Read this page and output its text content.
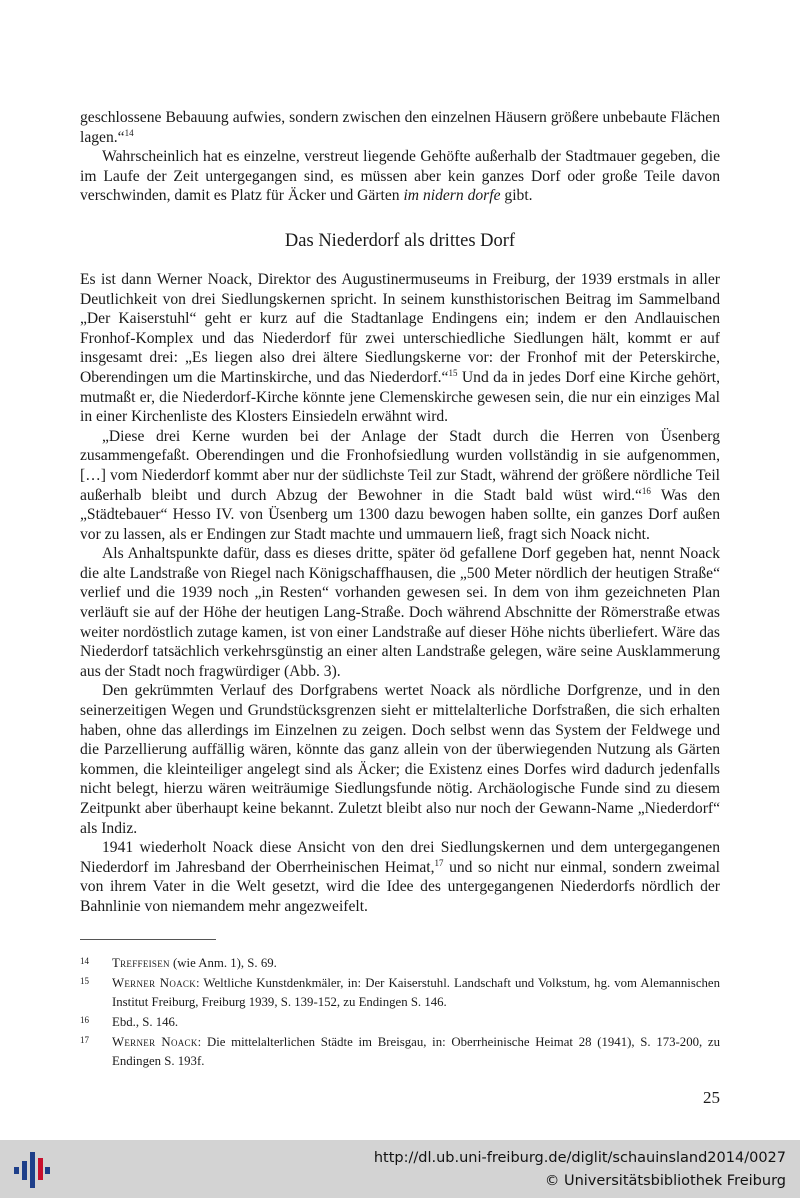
geschlossene Bebauung aufwies, sondern zwischen den einzelnen Häusern größere unbebaute Flächen lagen.“$^{14}$

Wahrscheinlich hat es einzelne, verstreut liegende Gehöfte außerhalb der Stadtmauer gegeben, die im Laufe der Zeit untergegangen sind, es müssen aber kein ganzes Dorf oder große Teile davon verschwinden, damit es Platz für Äcker und Gärten im nidern dorfe gibt.

Das Niederdorf als drittes Dorf

Es ist dann Werner Noack, Direktor des Augustinermuseums in Freiburg, der 1939 erstmals in aller Deutlichkeit von drei Siedlungskernen spricht. In seinem kunsthistorischen Beitrag im Sammelband „Der Kaiserstuhl“ geht er kurz auf die Stadtanlage Endingens ein; indem er den Andlauischen Fronhof-Komplex und das Niederdorf für zwei unterschiedliche Siedlungen hält, kommt er auf insgesamt drei: „Es liegen also drei ältere Siedlungskerne vor: der Fronhof mit der Peterskirche, Oberendingen um die Martinskirche, und das Niederdorf.“$^{15}$ Und da in jedes Dorf eine Kirche gehört, mutmaßt er, die Niederdorf-Kirche könnte jene Clemenskirche gewesen sein, die nur ein einziges Mal in einer Kirchenliste des Klosters Einsiedeln erwähnt wird.

„Diese drei Kerne wurden bei der Anlage der Stadt durch die Herren von Üsenberg zusammengefaßt. Oberendingen und die Fronhofsiedlung wurden vollständig in sie aufgenommen, […] vom Niederdorf kommt aber nur der südlichste Teil zur Stadt, während der größere nördliche Teil außerhalb bleibt und durch Abzug der Bewohner in die Stadt bald wüst wird.“$^{16}$ Was den „Städtebauer“ Hesso IV. von Üsenberg um 1300 dazu bewogen haben sollte, ein ganzes Dorf außen vor zu lassen, als er Endingen zur Stadt machte und ummauern ließ, fragt sich Noack nicht.

Als Anhaltspunkte dafür, dass es dieses dritte, später öd gefallene Dorf gegeben hat, nennt Noack die alte Landstraße von Riegel nach Königschaffhausen, die „500 Meter nördlich der heutigen Straße“ verlief und die 1939 noch „in Resten“ vorhanden gewesen sei. In dem von ihm gezeichneten Plan verläuft sie auf der Höhe der heutigen Lang-Straße. Doch während Abschnitte der Römerstraße etwas weiter nordöstlich zutage kamen, ist von einer Landstraße auf dieser Höhe nichts überliefert. Wäre das Niederdorf tatsächlich verkehrsgünstig an einer alten Landstraße gelegen, wäre seine Ausklammerung aus der Stadt noch fragwürdiger (Abb. 3).

Den gekrümmten Verlauf des Dorfgrabens wertet Noack als nördliche Dorfgrenze, und in den seinerzeitigen Wegen und Grundstücksgrenzen sieht er mittelalterliche Dorfstraßen, die sich erhalten haben, ohne das allerdings im Einzelnen zu zeigen. Doch selbst wenn das System der Feldwege und die Parzellierung auffällig wären, könnte das ganz allein von der überwiegenden Nutzung als Gärten kommen, die kleinteiliger angelegt sind als Äcker; die Existenz eines Dorfes wird dadurch jedenfalls nicht belegt, hierzu wären weiträumige Siedlungsfunde nötig. Archäologische Funde sind zu diesem Zeitpunkt aber überhaupt keine bekannt. Zuletzt bleibt also nur noch der Gewann-Name „Niederdorf“ als Indiz.

1941 wiederholt Noack diese Ansicht von den drei Siedlungskernen und dem untergegangenen Niederdorf im Jahresband der Oberrheinischen Heimat,$^{17}$ und so nicht nur einmal, sondern zweimal von ihrem Vater in die Welt gesetzt, wird die Idee des untergegangenen Niederdorfs nördlich der Bahnlinie von niemandem mehr angezweifelt.

14	Treffeisen (wie Anm. 1), S. 69.
15	Werner Noack: Weltliche Kunstdenkmäler, in: Der Kaiserstuhl. Landschaft und Volkstum, hg. vom Alemannischen Institut Freiburg, Freiburg 1939, S. 139-152, zu Endingen S. 146.
16	Ebd., S. 146.
17	Werner Noack: Die mittelalterlichen Städte im Breisgau, in: Oberrheinische Heimat 28 (1941), S. 173-200, zu Endingen S. 193f.
25
http://dl.ub.uni-freiburg.de/diglit/schauinsland2014/0027
© Universitätsbibliothek Freiburg
